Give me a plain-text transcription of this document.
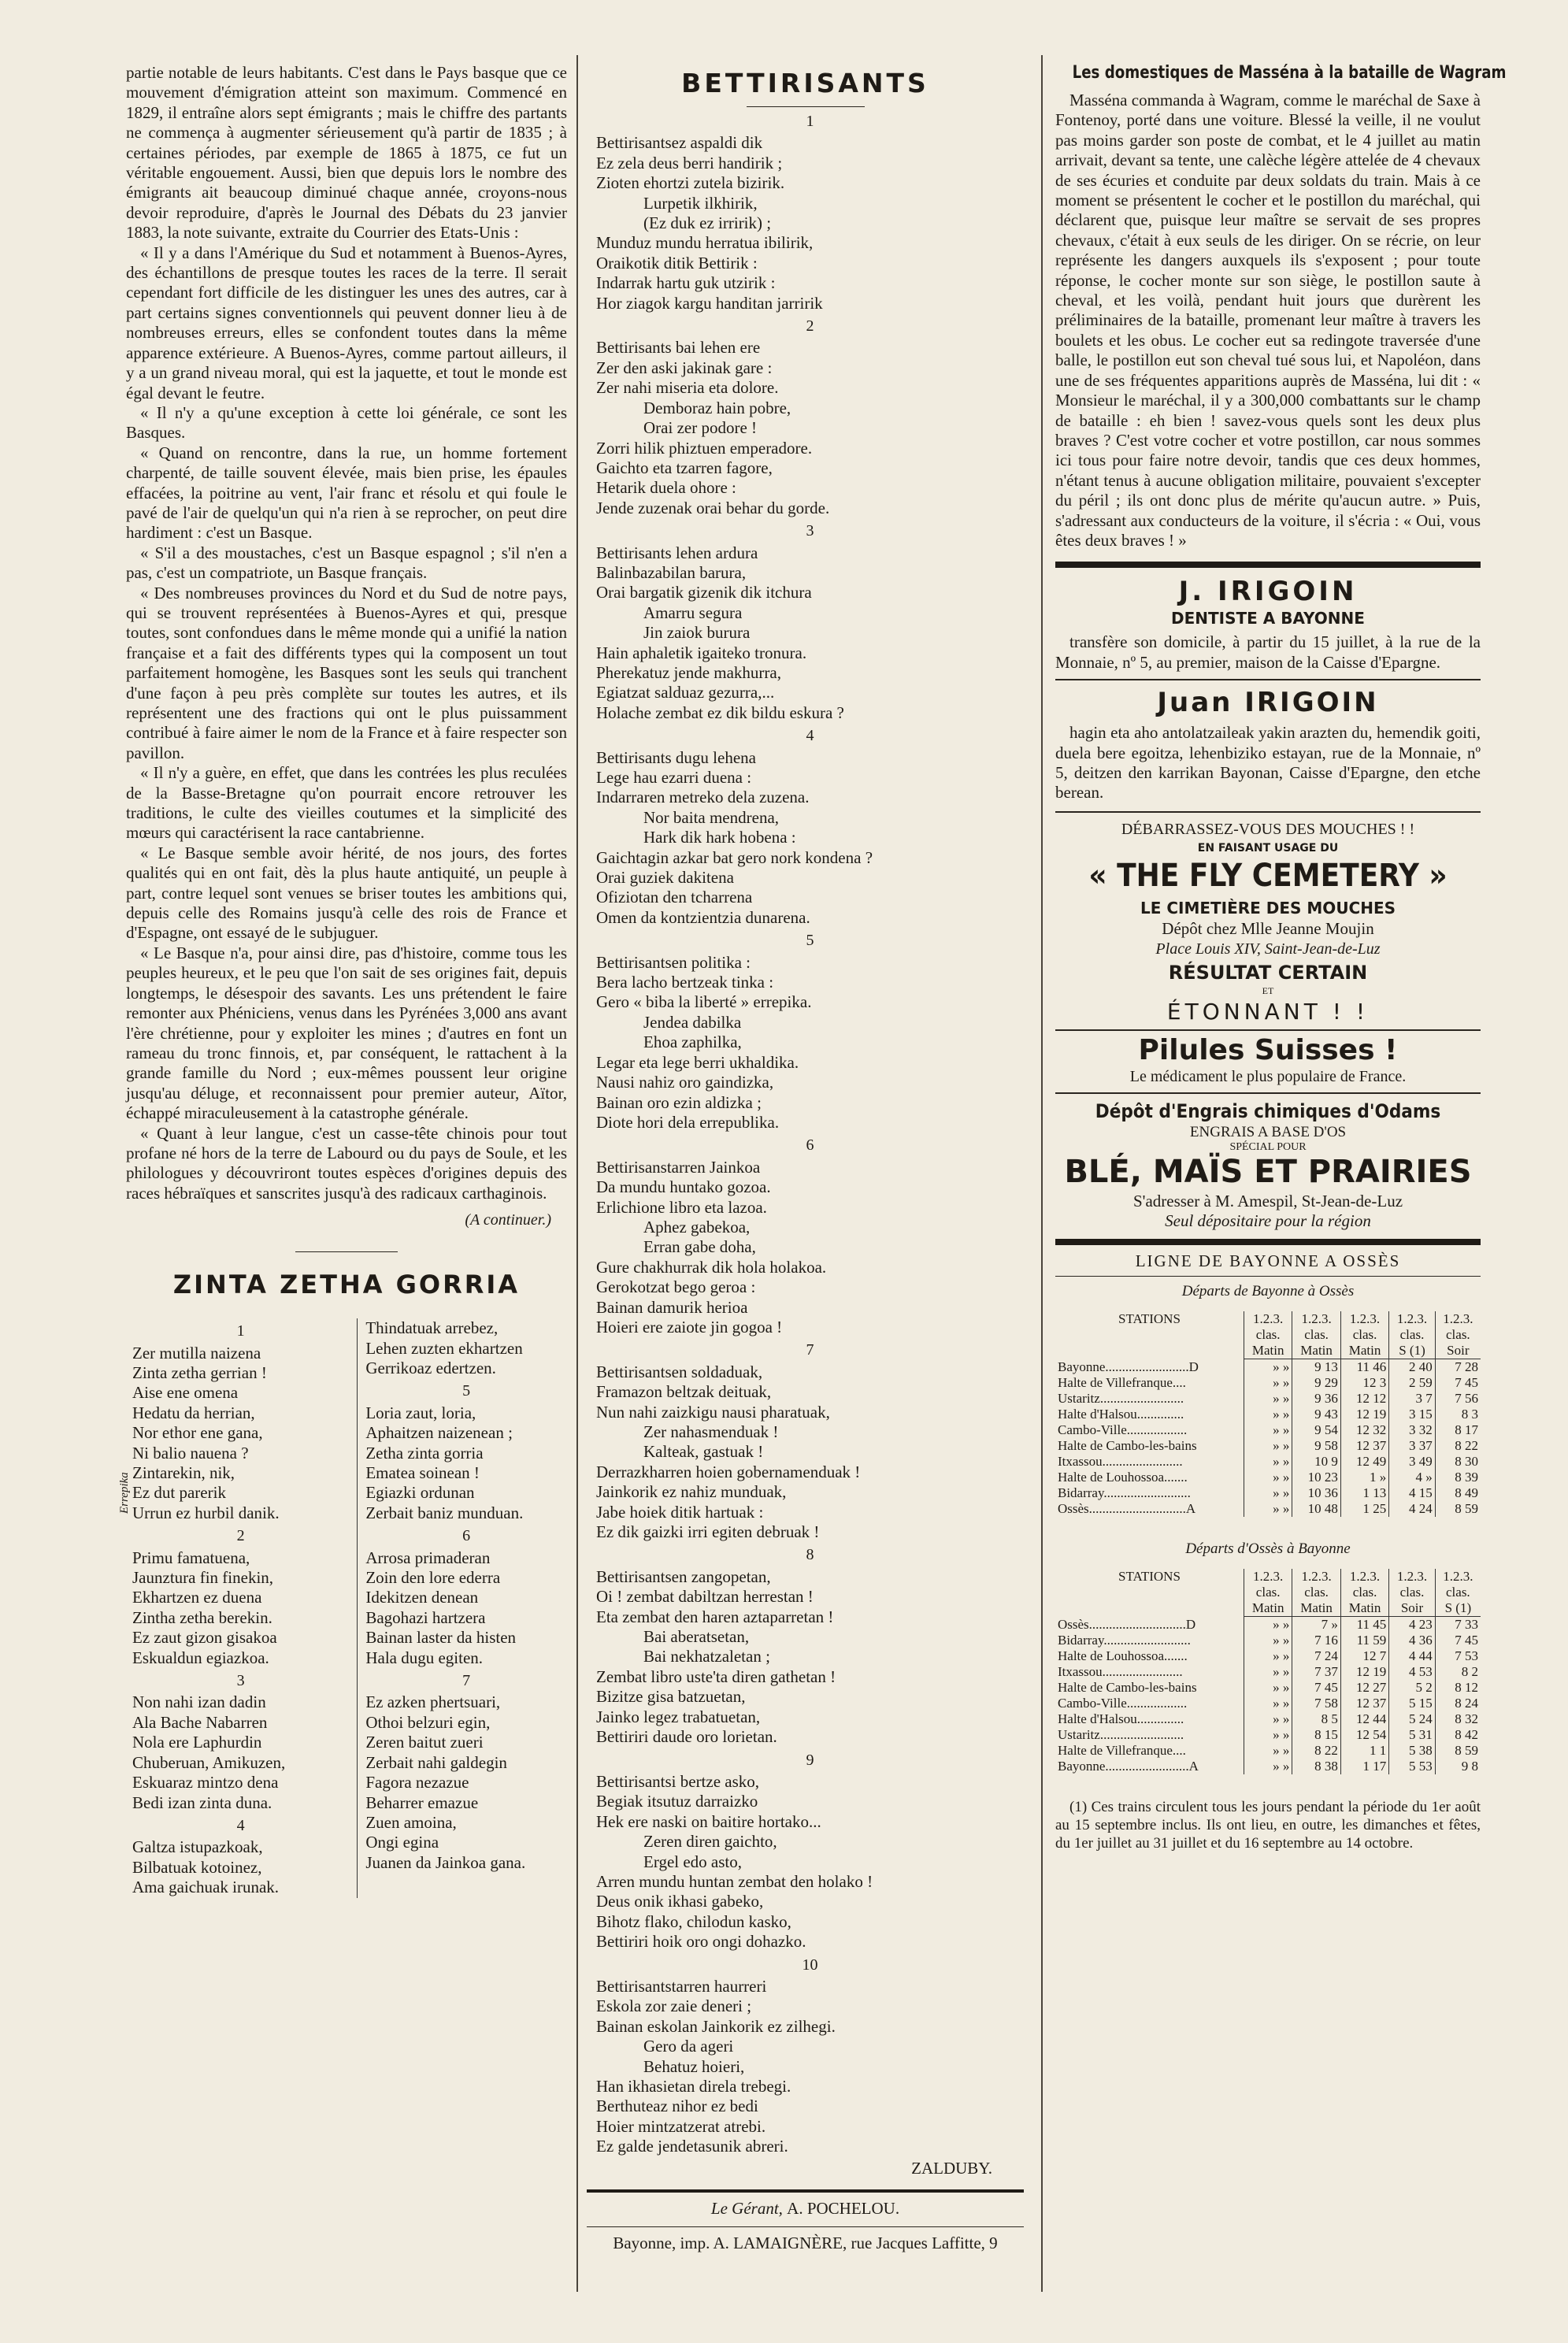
partie notable de leurs habitants. C'est dans le Pays basque que ce mouvement d'émigration atteint son maximum. Commencé en 1829, il entraîne alors sept émigrants ; mais le chiffre des partants ne commença à augmenter sérieusement qu'à partir de 1835 ; à certaines périodes, par exemple de 1865 à 1875, ce fut un véritable engouement. Aussi, bien que depuis lors le nombre des émigrants ait beaucoup diminué chaque année, croyons-nous devoir reproduire, d'après le Journal des Débats du 23 janvier 1883, la note suivante, extraite du Courrier des Etats-Unis :

« Il y a dans l'Amérique du Sud et notamment à Buenos-Ayres, des échantillons de presque toutes les races de la terre. Il serait cependant fort difficile de les distinguer les unes des autres, car à part certains signes conventionnels qui peuvent donner lieu à de nombreuses erreurs, elles se confondent toutes dans la même apparence extérieure. A Buenos-Ayres, comme partout ailleurs, il y a un grand niveau moral, qui est la jaquette, et tout le monde est égal devant le feutre.

« Il n'y a qu'une exception à cette loi générale, ce sont les Basques.

« Quand on rencontre, dans la rue, un homme fortement charpenté, de taille souvent élevée, mais bien prise, les épaules effacées, la poitrine au vent, l'air franc et résolu et qui foule le pavé de l'air de quelqu'un qui n'a rien à se reprocher, on peut dire hardiment : c'est un Basque.

« S'il a des moustaches, c'est un Basque espagnol ; s'il n'en a pas, c'est un compatriote, un Basque français.

« Des nombreuses provinces du Nord et du Sud de notre pays, qui se trouvent représentées à Buenos-Ayres et qui, presque toutes, sont confondues dans le même monde qui a unifié la nation française et a fait des différents types qui la composent un tout parfaitement homogène, les Basques sont les seuls qui tranchent d'une façon à peu près complète sur toutes les autres, et ils représentent une des fractions qui ont le plus puissamment contribué à faire aimer le nom de la France et à faire respecter son pavillon.

« Il n'y a guère, en effet, que dans les contrées les plus reculées de la Basse-Bretagne qu'on pourrait encore retrouver les traditions, le culte des vieilles coutumes et la simplicité des mœurs qui caractérisent la race cantabrienne.

« Le Basque semble avoir hérité, de nos jours, des fortes qualités qui en ont fait, dès la plus haute antiquité, un peuple à part, contre lequel sont venues se briser toutes les ambitions qui, depuis celle des Romains jusqu'à celle des rois de France et d'Espagne, ont essayé de le subjuguer.

« Le Basque n'a, pour ainsi dire, pas d'histoire, comme tous les peuples heureux, et le peu que l'on sait de ses origines fait, depuis longtemps, le désespoir des savants. Les uns prétendent le faire remonter aux Phéniciens, venus dans les Pyrénées 3,000 ans avant l'ère chrétienne, pour y exploiter les mines ; d'autres en font un rameau du tronc finnois, et, par conséquent, le rattachent à la grande famille du Nord ; eux-mêmes poussent leur origine jusqu'au déluge, et reconnaissent pour premier auteur, Aïtor, échappé miraculeusement à la catastrophe générale.

« Quant à leur langue, c'est un casse-tête chinois pour tout profane né hors de la terre de Labourd ou du pays de Soule, et les philologues y découvriront toutes espèces d'origines depuis des races hébraïques et sanscrites jusqu'à des radicaux carthaginois.

(A continuer.)

ZINTA ZETHA GORRIA
1
Zer mutilla naizena
Zinta zetha gerrian !
Aise ene omena
Hedatu da herrian,
Nor ethor ene gana,
Ni balio nauena ?
Errepika Zintarekin, nik,
Ez dut parerik
Urrun ez hurbil danik.
2
Primu famatuena,
Jaunztura fin finekin,
Ekhartzen ez duena
Zintha zetha berekin.
Ez zaut gizon gisakoa
Eskualdun egiazkoa.
3
Non nahi izan dadin
Ala Bache Nabarren
Nola ere Laphurdin
Chuberuan, Amikuzen,
Eskuaraz mintzo dena
Bedi izan zinta duna.
4
Galtza istupazkoak,
Bilbatuak kotoinez,
Ama gaichuak irunak.
Thindatuak arrebez,
Lehen zuzten ekhartzen
Gerrikoaz edertzen.
5
Loria zaut, loria,
Aphaitzen naizenean ;
Zetha zinta gorria
Ematea soinean !
Egiazki ordunan
Zerbait baniz munduan.
6
Arrosa primaderan
Zoin den lore ederra
Idekitzen denean
Bagohazi hartzera
Bainan laster da histen
Hala dugu egiten.
7
Ez azken phertsuari,
Othoi belzuri egin,
Zeren baitut zueri
Zerbait nahi galdegin
Fagora nezazue
Beharrer emazue
Zuen amoina,
Ongi egina
Juanen da Jainkoa gana.
BETTIRISANTS
1
Bettirisantsez aspaldi dik
Ez zela deus berri handirik ;
Zioten ehortzi zutela bizirik.
Lurpetik ilkhirik,
(Ez duk ez irririk) ;
Munduz mundu herratua ibilirik,
Oraikotik ditik Bettirik :
Indarrak hartu guk utzirik :
Hor ziagok kargu handitan jarririk
2
Bettirisants bai lehen ere
Zer den aski jakinak gare :
Zer nahi miseria eta dolore.
Demboraz hain pobre,
Orai zer podore !
Zorri hilik phiztuen emperadore.
Gaichto eta tzarren fagore,
Hetarik duela ohore :
Jende zuzenak orai behar du gorde.
3
Bettirisants lehen ardura
Balinbazabilan barura,
Orai bargatik gizenik dik itchura
Amarru segura
Jin zaiok burura
Hain aphaletik igaiteko tronura.
Pherekatuz jende makhurra,
Egiatzat salduaz gezurra,...
Holache zembat ez dik bildu eskura ?
4
Bettirisants dugu lehena
Lege hau ezarri duena :
Indarraren metreko dela zuzena.
Nor baita mendrena,
Hark dik hark hobena :
Gaichtagin azkar bat gero nork kondena ?
Orai guziek dakitena
Ofiziotan den tcharrena
Omen da kontzientzia dunarena.
5
Bettirisantsen politika :
Bera lacho bertzeak tinka :
Gero « biba la liberté » errepika.
Jendea dabilka
Ehoa zaphilka,
Legar eta lege berri ukhaldika.
Nausi nahiz oro gaindizka,
Bainan oro ezin aldizka ;
Diote hori dela errepublika.
6
Bettirisanstarren Jainkoa
Da mundu huntako gozoa.
Erlichione libro eta lazoa.
Aphez gabekoa,
Erran gabe doha,
Gure chakhurrak dik hola holakoa.
Gerokotzat bego geroa :
Bainan damurik herioa
Hoieri ere zaiote jin gogoa !
7
Bettirisantsen soldaduak,
Framazon beltzak deituak,
Nun nahi zaizkigu nausi pharatuak,
Zer nahasmenduak !
Kalteak, gastuak !
Derrazkharren hoien gobernamenduak !
Jainkorik ez nahiz munduak,
Jabe hoiek ditik hartuak :
Ez dik gaizki irri egiten debruak !
8
Bettirisantsen zangopetan,
Oi ! zembat dabiltzan herrestan !
Eta zembat den haren aztaparretan !
Bai aberatsetan,
Bai nekhatzaletan ;
Zembat libro uste'ta diren gathetan !
Bizitze gisa batzuetan,
Jainko legez trabatuetan,
Bettiriri daude oro lorietan.
9
Bettirisantsi bertze asko,
Begiak itsutuz darraizko
Hek ere naski on baitire hortako...
Zeren diren gaichto,
Ergel edo asto,
Arren mundu huntan zembat den holako !
Deus onik ikhasi gabeko,
Bihotz flako, chilodun kasko,
Bettiriri hoik oro ongi dohazko.
10
Bettirisantstarren haurreri
Eskola zor zaie deneri ;
Bainan eskolan Jainkorik ez zilhegi.
Gero da ageri
Behatuz hoieri,
Han ikhasietan direla trebegi.
Berthuteaz nihor ez bedi
Hoier mintzatzerat atrebi.
Ez galde jendetasunik abreri.
ZALDUBY.
Le Gérant, A. POCHELOU.
Bayonne, imp. A. LAMAIGNÈRE, rue Jacques Laffitte, 9
Les domestiques de Masséna à la bataille de Wagram

Masséna commanda à Wagram, comme le maréchal de Saxe à Fontenoy, porté dans une voiture. Blessé la veille, il ne voulut pas moins garder son poste de combat, et le 4 juillet au matin arrivait, devant sa tente, une calèche légère attelée de 4 chevaux de ses écuries et conduite par deux soldats du train. Mais à ce moment se présentent le cocher et le postillon du maréchal, qui déclarent que, puisque leur maître se servait de ses propres chevaux, c'était à eux seuls de les diriger. On se récrie, on leur représente les dangers auxquels ils s'exposent ; pour toute réponse, le cocher monte sur son siège, le postillon saute à cheval, et les voilà, pendant huit jours que durèrent les préliminaires de la bataille, promenant leur maître à travers les boulets et les obus. Le cocher eut sa redingote traversée d'une balle, le postillon eut son cheval tué sous lui, et Napoléon, dans une de ses fréquentes apparitions auprès de Masséna, lui dit : « Monsieur le maréchal, il y a 300,000 combattants sur le champ de bataille : eh bien ! savez-vous quels sont les deux plus braves ? C'est votre cocher et votre postillon, car nous sommes ici tous pour faire notre devoir, tandis que ces deux hommes, n'étant tenus à aucune obligation militaire, pouvaient s'excepter du péril ; ils ont donc plus de mérite qu'aucun autre. » Puis, s'adressant aux conducteurs de la voiture, il s'écria : « Oui, vous êtes deux braves ! »

J. IRIGOIN
DENTISTE A BAYONNE

transfère son domicile, à partir du 15 juillet, à la rue de la Monnaie, nº 5, au premier, maison de la Caisse d'Epargne.

Juan IRIGOIN

hagin eta aho antolatzaileak yakin arazten du, hemendik goiti, duela bere egoitza, lehenbiziko estayan, rue de la Monnaie, nº 5, deitzen den karrikan Bayonan, Caisse d'Epargne, den etche berean.

DÉBARRASSEZ-VOUS DES MOUCHES ! !
EN FAISANT USAGE DU
« THE FLY CEMETERY »
LE CIMETIÈRE DES MOUCHES
Dépôt chez Mlle Jeanne Moujin
Place Louis XIV, Saint-Jean-de-Luz
RÉSULTAT CERTAIN
ET
ÉTONNANT ! !
Pilules Suisses !
Le médicament le plus populaire de France.
Dépôt d'Engrais chimiques d'Odams
ENGRAIS A BASE D'OS
SPÉCIAL POUR
BLÉ, MAÏS ET PRAIRIES
S'adresser à M. Amespil, St-Jean-de-Luz
Seul dépositaire pour la région
LIGNE DE BAYONNE A OSSÈS
Départs de Bayonne à Ossès
STATIONS	1.2.3.	1.2.3.	1.2.3.	1.2.3.	1.2.3.
	clas.	clas.	clas.	clas.	clas.
	Matin	Matin	Matin	S (1)	Soir
Bayonne.........................D	» »	9 13	11 46	2 40	7 28
Halte de Villefranque....	» »	9 29	12 3	2 59	7 45
Ustaritz.........................	» »	9 36	12 12	3 7	7 56
Halte d'Halsou..............	» »	9 43	12 19	3 15	8 3
Cambo-Ville..................	» »	9 54	12 32	3 32	8 17
Halte de Cambo-les-bains	» »	9 58	12 37	3 37	8 22
Itxassou........................	» »	10 9	12 49	3 49	8 30
Halte de Louhossoa.......	» »	10 23	1 »	4 »	8 39
Bidarray..........................	» »	10 36	1 13	4 15	8 49
Ossès.............................A	» »	10 48	1 25	4 24	8 59
Départs d'Ossès à Bayonne
STATIONS	1.2.3.	1.2.3.	1.2.3.	1.2.3.	1.2.3.
	clas.	clas.	clas.	clas.	clas.
	Matin	Matin	Matin	Soir	S (1)
Ossès.............................D	» »	7 »	11 45	4 23	7 33
Bidarray..........................	» »	7 16	11 59	4 36	7 45
Halte de Louhossoa.......	» »	7 24	12 7	4 44	7 53
Itxassou........................	» »	7 37	12 19	4 53	8 2
Halte de Cambo-les-bains	» »	7 45	12 27	5 2	8 12
Cambo-Ville..................	» »	7 58	12 37	5 15	8 24
Halte d'Halsou..............	» »	8 5	12 44	5 24	8 32
Ustaritz.........................	» »	8 15	12 54	5 31	8 42
Halte de Villefranque....	» »	8 22	1 1	5 38	8 59
Bayonne.........................A	» »	8 38	1 17	5 53	9 8

(1) Ces trains circulent tous les jours pendant la période du 1er août au 15 septembre inclus. Ils ont lieu, en outre, les dimanches et fêtes, du 1er juillet au 31 juillet et du 16 septembre au 14 octobre.
